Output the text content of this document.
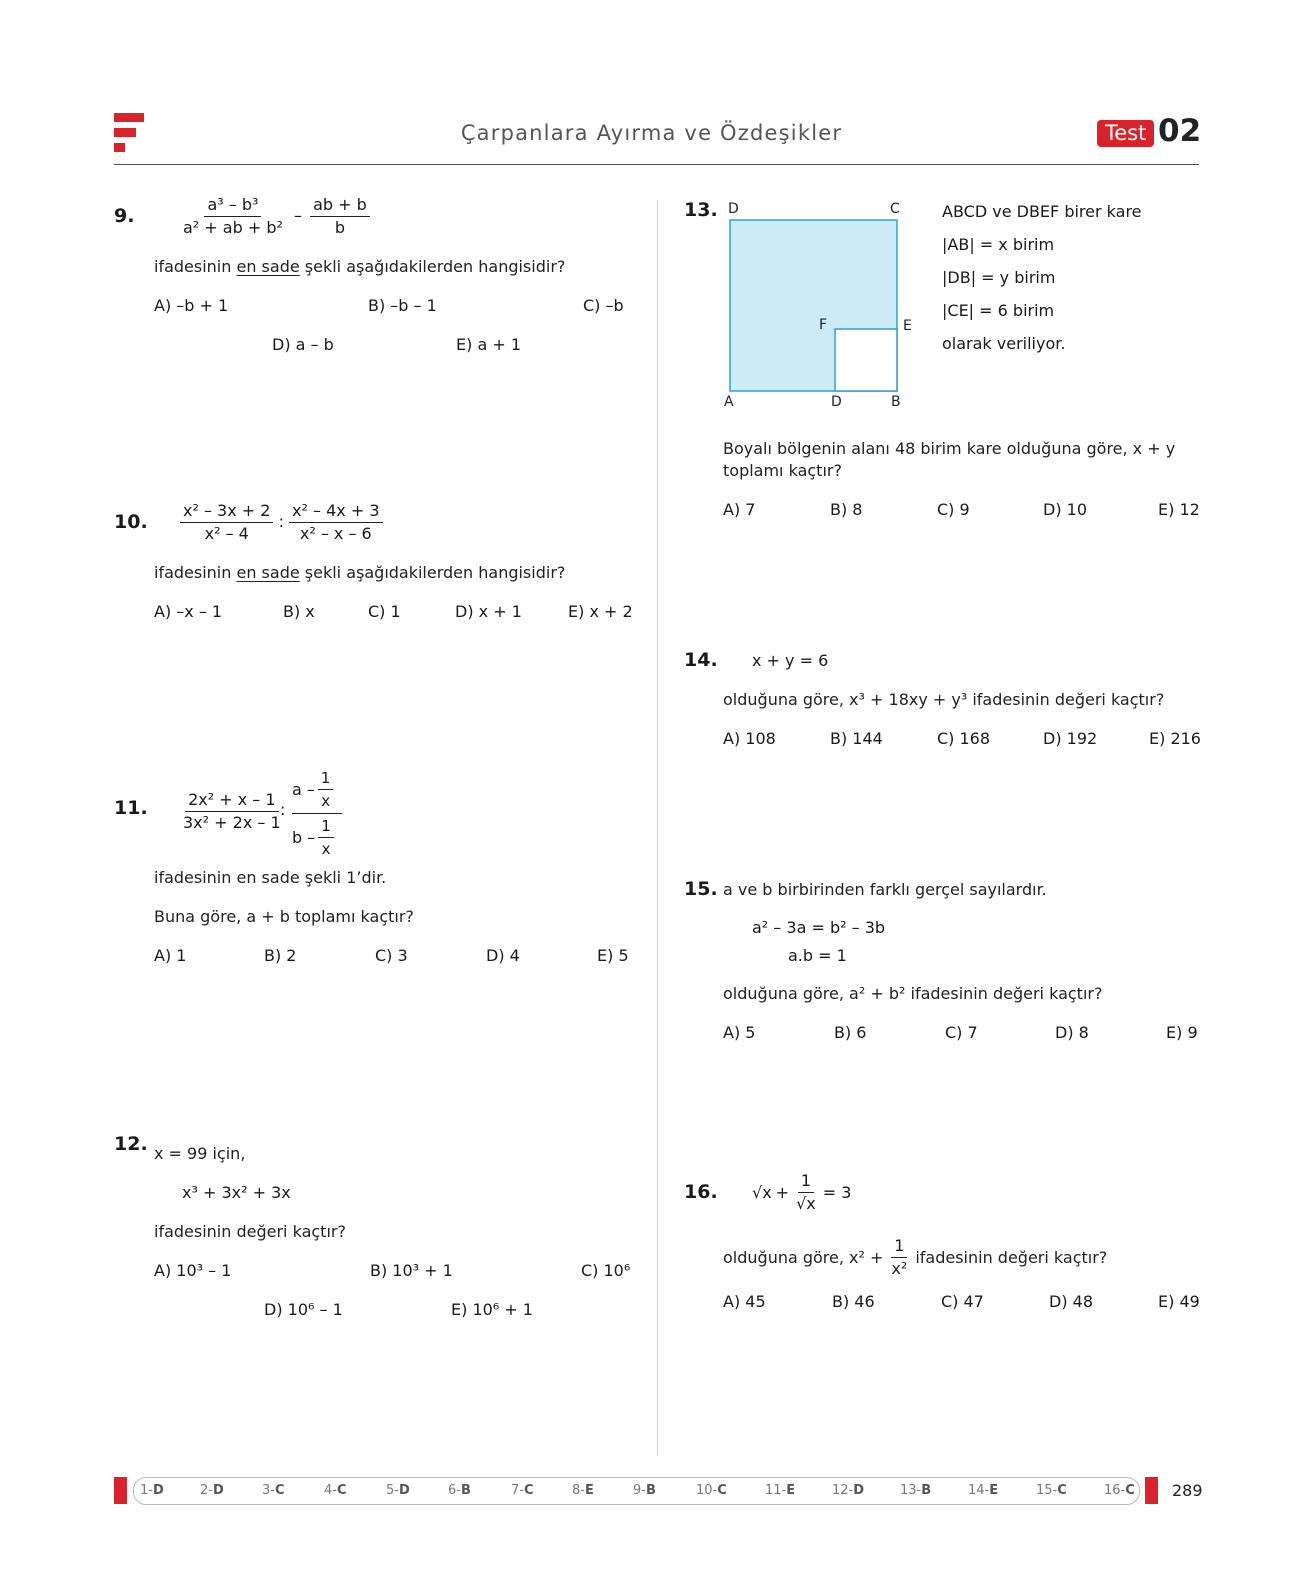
Çarpanlara Ayırma ve Özdeşikler	Test 02
9.	$\frac{\text{a³ – b³}}{\text{a² + ab + b²}} - \frac{ab + b}{b}$
ifadesinin en sade şekli aşağıdakilerden hangisidir?
A) –b + 1	B) –b – 1	C) –b
D) a – b	E) a + 1
10. $\frac{\text{x² – 3x + 2}}{\text{x² – 4}}$ : $\frac{\text{x² – 4x + 3}}{\text{x² – x – 6}}$
ifadesinin en sade şekli aşağıdakilerden hangisidir?
A) –x – 1	B) x	C) 1	D) x + 1	E) x + 2
11. $\frac{\text{2x² + x – 1}}{\text{3x² + 2x – 1}}$
:
a – $\frac{1}{x}$
b – $\frac{1}{x}$
ifadesinin en sade şekli 1’dir.
Buna göre, a + b toplamı kaçtır?
A) 1	B) 2	C) 3	D) 4	E) 5
12. x = 99 için,
x³ + 3x² + 3x
ifadesinin değeri kaçtır?
A) 10³ – 1	B) 10³ + 1	C) 10⁶
D) 10⁶ – 1	E) 10⁶ + 1
13. D	C
F	E
A	D	B
ABCD ve DBEF birer kare
|AB| = x birim
|DB| = y birim
|CE| = 6 birim
olarak veriliyor.
Boyalı bölgenin alanı 48 birim kare olduğuna göre, x + y
toplamı kaçtır?
A) 7	B) 8	C) 9	D) 10	E) 12
14. x + y = 6
olduğuna göre, x³ + 18xy + y³ ifadesinin değeri kaçtır?
A) 108	B) 144	C) 168	D) 192	E) 216
15. a ve b birbirinden farklı gerçel sayılardır.
a² – 3a = b² – 3b
a.b = 1
olduğuna göre, a² + b² ifadesinin değeri kaçtır?
A) 5	B) 6	C) 7	D) 8	E) 9
16. $√x + \frac{1}{√x} = 3$
olduğuna göre, $x^2 + \frac{1}{\text{x²}}$ ifadesinin değeri kaçtır?
A) 45	B) 46	C) 47	D) 48	E) 49
1-D	2-D	3-C	4-C	5-D	6-B	7-C	8-E	9-B	10-C	11-E	12-D	13-B	14-E	15-C	16-C 289
